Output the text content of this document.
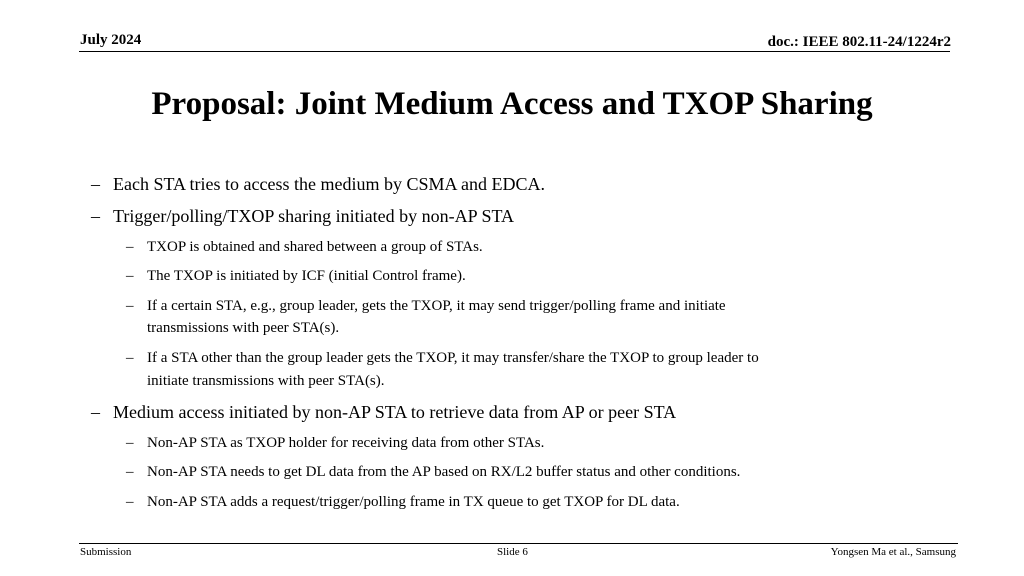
July 2024	doc.: IEEE 802.11-24/1224r2
Proposal: Joint Medium Access and TXOP Sharing
– Each STA tries to access the medium by CSMA and EDCA.
– Trigger/polling/TXOP sharing initiated by non-AP STA
– TXOP is obtained and shared between a group of STAs.
– The TXOP is initiated by ICF (initial Control frame).
– If a certain STA, e.g., group leader, gets the TXOP, it may send trigger/polling frame and initiate
transmissions with peer STA(s).
– If a STA other than the group leader gets the TXOP, it may transfer/share the TXOP to group leader to
initiate transmissions with peer STA(s).
– Medium access initiated by non-AP STA to retrieve data from AP or peer STA
– Non-AP STA as TXOP holder for receiving data from other STAs.
– Non-AP STA needs to get DL data from the AP based on RX/L2 buffer status and other conditions.
– Non-AP STA adds a request/trigger/polling frame in TX queue to get TXOP for DL data.
Submission	Slide 6	Yongsen Ma et al., Samsung
